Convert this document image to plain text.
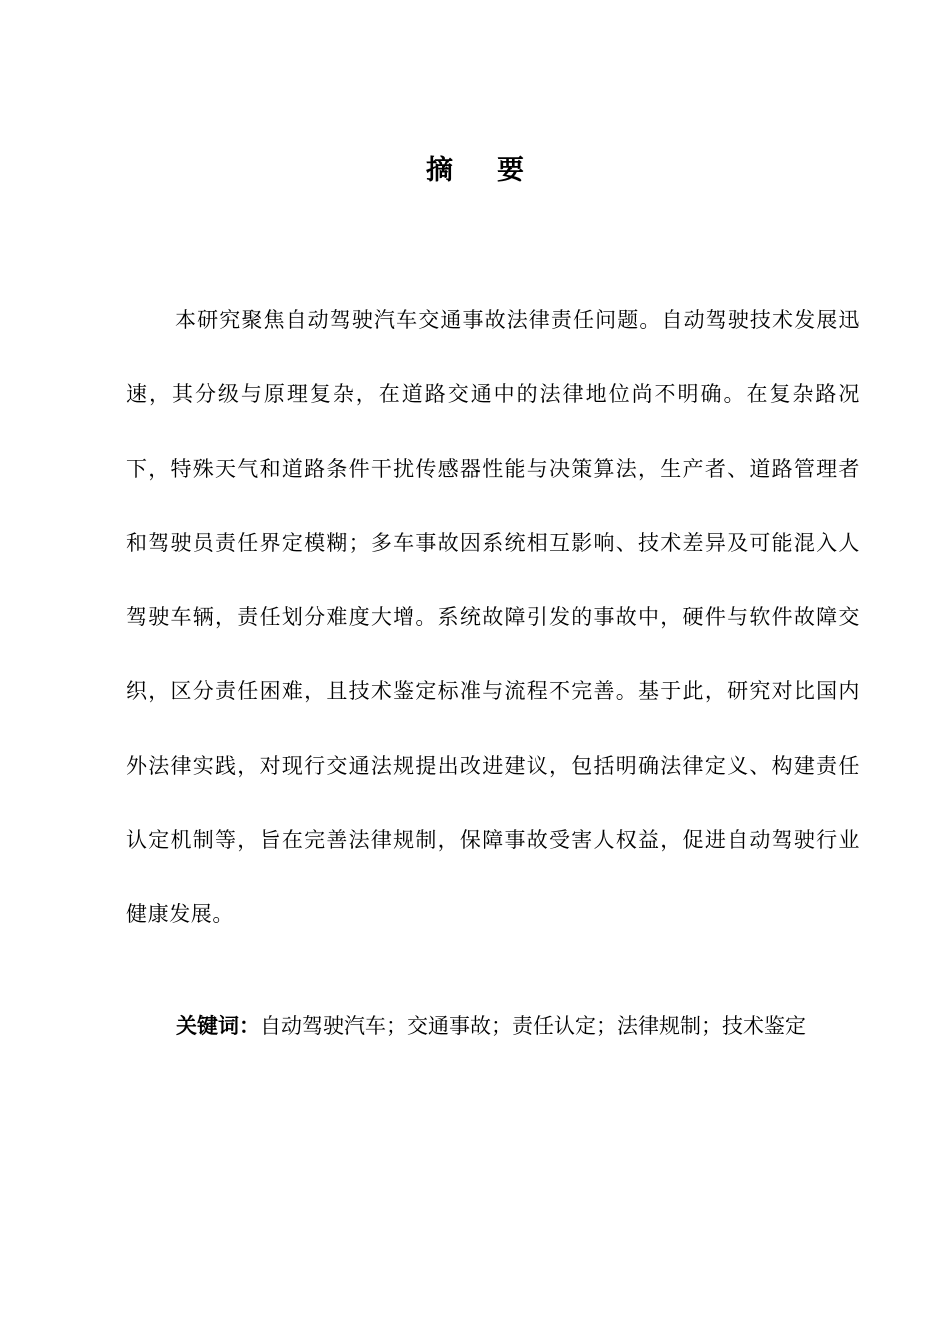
摘要

本研究聚焦自动驾驶汽车交通事故法律责任问题。自动驾驶技术发展迅速，其分级与原理复杂，在道路交通中的法律地位尚不明确。在复杂路况下，特殊天气和道路条件干扰传感器性能与决策算法，生产者、道路管理者和驾驶员责任界定模糊；多车事故因系统相互影响、技术差异及可能混入人驾驶车辆，责任划分难度大增。系统故障引发的事故中，硬件与软件故障交织，区分责任困难，且技术鉴定标准与流程不完善。基于此，研究对比国内外法律实践，对现行交通法规提出改进建议，包括明确法律定义、构建责任认定机制等，旨在完善法律规制，保障事故受害人权益，促进自动驾驶行业健康发展。

关键词：自动驾驶汽车；交通事故；责任认定；法律规制；技术鉴定
